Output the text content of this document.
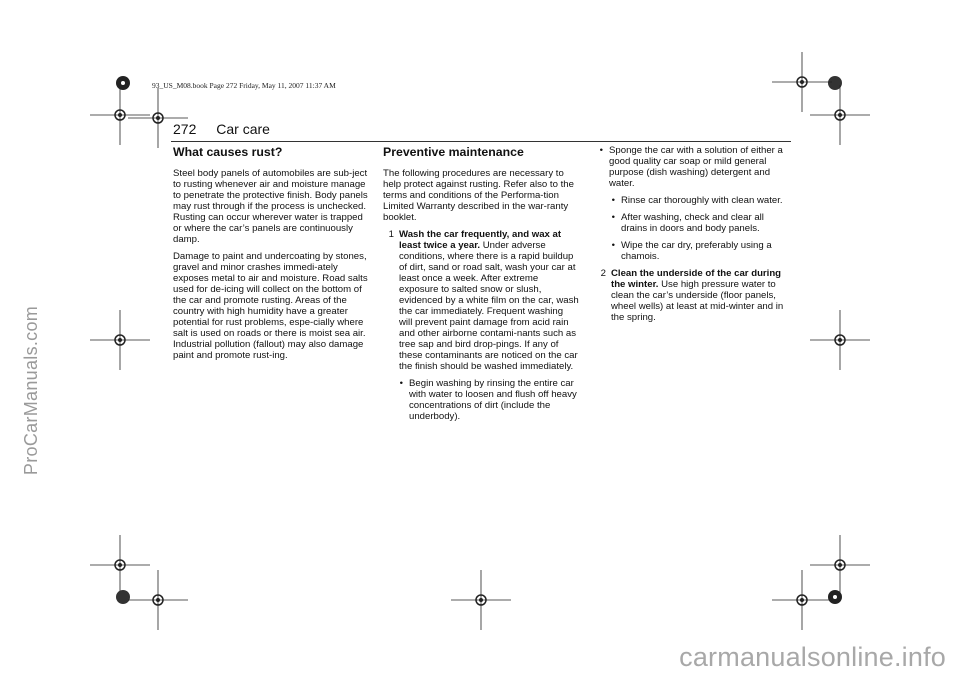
ProCarManuals.com
carmanualsonline.info
93_US_M08.book Page 272 Friday, May 11, 2007 11:37 AM
272 Car care
What causes rust?

Steel body panels of automobiles are sub-ject to rusting whenever air and moisture manage to penetrate the protective finish. Body panels may rust through if the process is unchecked. Rusting can occur wherever water is trapped or where the car’s panels are continuously damp.

Damage to paint and undercoating by stones, gravel and minor crashes immedi-ately exposes metal to air and moisture. Road salts used for de-icing will collect on the bottom of the car and promote rusting. Areas of the country with high humidity have a greater potential for rust problems, espe-cially where salt is used on roads or there is moist sea air. Industrial pollution (fallout) may also damage paint and promote rust-ing.

Preventive maintenance

The following procedures are necessary to help protect against rusting. Refer also to the terms and conditions of the Performa-tion Limited Warranty described in the war-ranty booklet.

1 Wash the car frequently, and wax at least twice a year. Under adverse conditions, where there is a rapid buildup of dirt, sand or road salt, wash your car at least once a week. After extreme exposure to salted snow or slush, evidenced by a white film on the car, wash the car immediately. Frequent washing will prevent paint damage from acid rain and other airborne contami-nants such as tree sap and bird drop-pings. If any of these contaminants are noticed on the car the finish should be washed immediately.
• Begin washing by rinsing the entire car with water to loosen and flush off heavy concentrations of dirt (include the underbody).
• Sponge the car with a solution of either a good quality car soap or mild general purpose (dish washing) detergent and water.
• Rinse car thoroughly with clean water.
• After washing, check and clear all drains in doors and body panels.
• Wipe the car dry, preferably using a chamois.
2 Clean the underside of the car during the winter. Use high pressure water to clean the car’s underside (floor panels, wheel wells) at least at mid-winter and in the spring.
